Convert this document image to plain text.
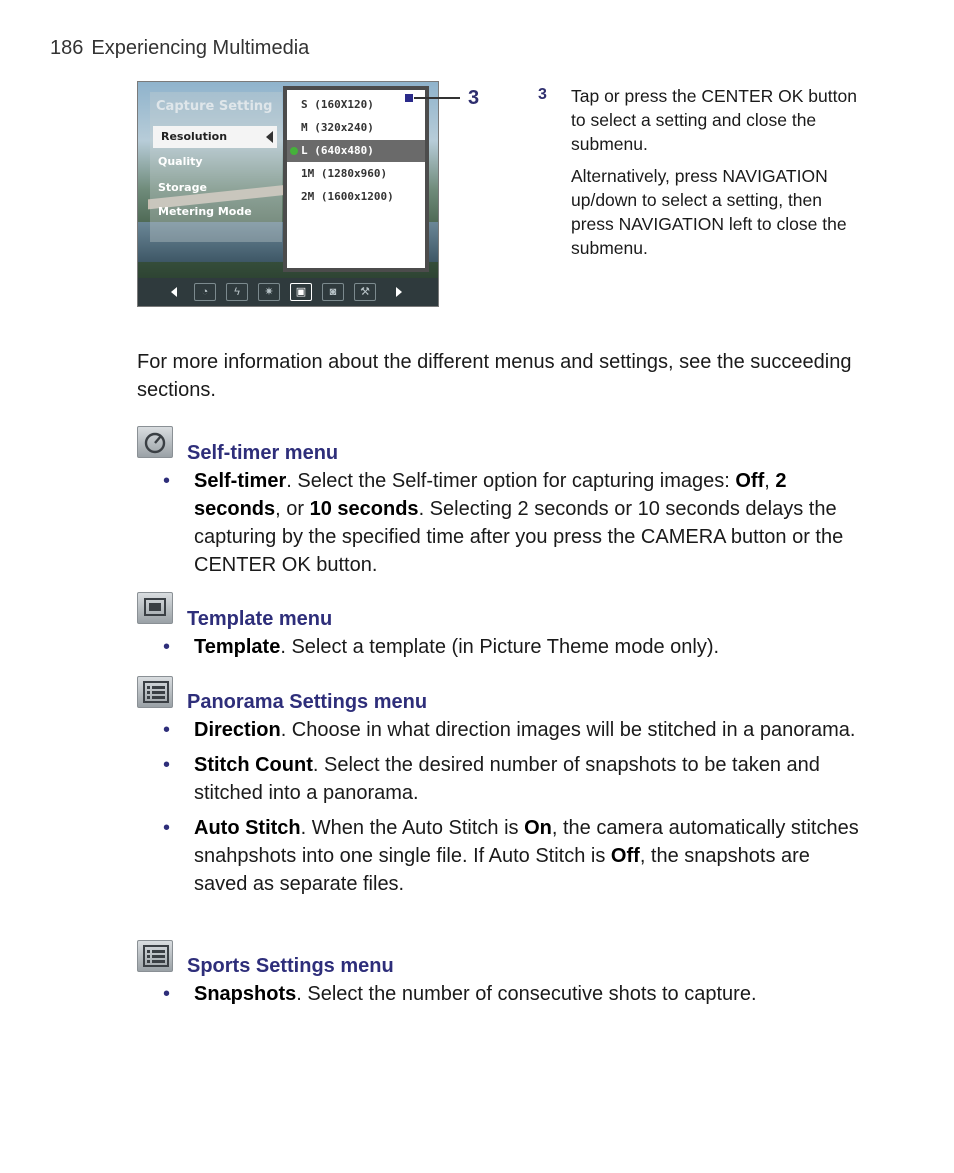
186 Experiencing Multimedia
Capture Setting
Resolution
Quality
Storage
Metering Mode
S (160X120)
M (320x240)
L (640x480)
1M (1280x960)
2M (1600x1200)
◔	ϟ	✷	▣	◙	⚒
3	3 Tap or press the CENTER OK button to select a setting and close the submenu.

Alternatively, press NAVIGATION up/down to select a setting, then press NAVIGATION left to close the submenu.

For more information about the different menus and settings, see the succeeding sections.
Self-timer menu
• Self-timer. Select the Self-timer option for capturing images: Off, 2 seconds, or 10 seconds. Selecting 2 seconds or 10 seconds delays the capturing by the specified time after you press the CAMERA button or the CENTER OK button.
Template menu
• Template. Select a template (in Picture Theme mode only).
Panorama Settings menu
• Direction. Choose in what direction images will be stitched in a panorama.
• Stitch Count. Select the desired number of snapshots to be taken and stitched into a panorama.
• Auto Stitch. When the Auto Stitch is On, the camera automatically stitches snahpshots into one single file. If Auto Stitch is Off, the snapshots are saved as separate files.
Sports Settings menu
• Snapshots. Select the number of consecutive shots to capture.
